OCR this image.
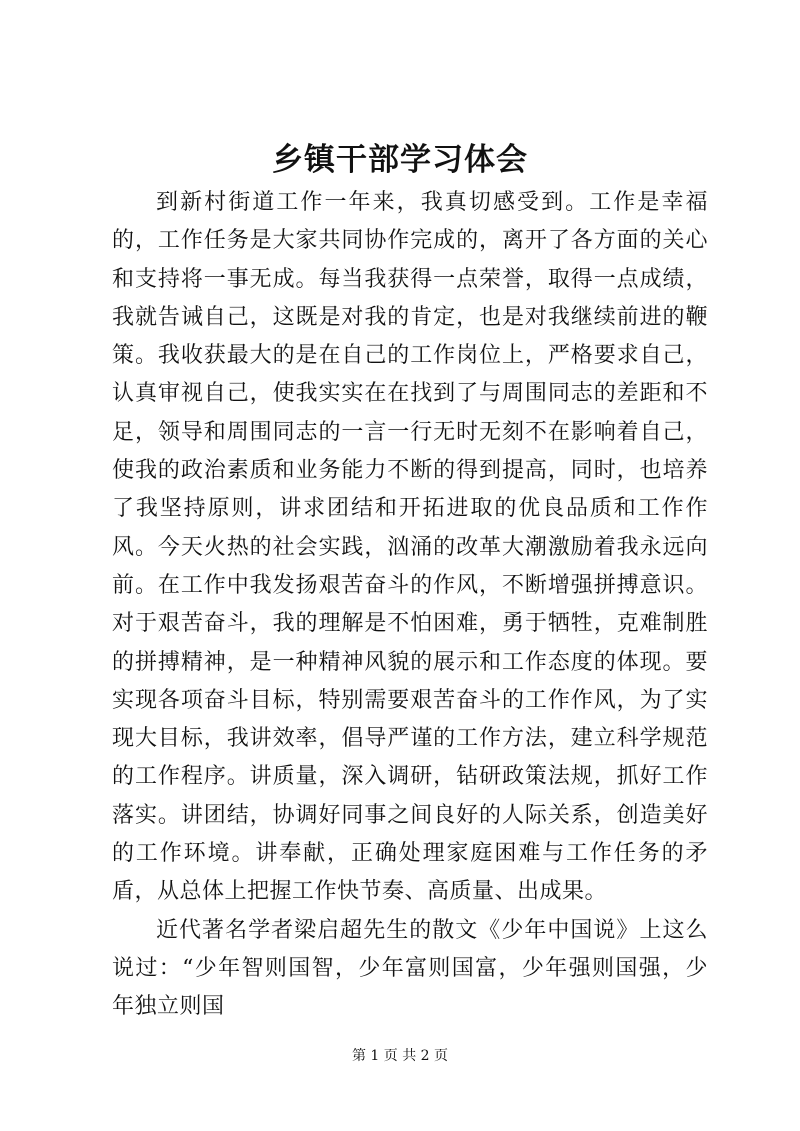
乡镇干部学习体会

到新村街道工作一年来，我真切感受到。工作是幸福的，工作任务是大家共同协作完成的，离开了各方面的关心和支持将一事无成。每当我获得一点荣誉，取得一点成绩，我就告诫自己，这既是对我的肯定，也是对我继续前进的鞭策。我收获最大的是在自己的工作岗位上，严格要求自己，认真审视自己，使我实实在在找到了与周围同志的差距和不足，领导和周围同志的一言一行无时无刻不在影响着自己，使我的政治素质和业务能力不断的得到提高，同时，也培养了我坚持原则，讲求团结和开拓进取的优良品质和工作作风。今天火热的社会实践，汹涌的改革大潮激励着我永远向前。在工作中我发扬艰苦奋斗的作风，不断增强拼搏意识。对于艰苦奋斗，我的理解是不怕困难，勇于牺牲，克难制胜的拼搏精神，是一种精神风貌的展示和工作态度的体现。要实现各项奋斗目标，特别需要艰苦奋斗的工作作风，为了实现大目标，我讲效率，倡导严谨的工作方法，建立科学规范的工作程序。讲质量，深入调研，钻研政策法规，抓好工作落实。讲团结，协调好同事之间良好的人际关系，创造美好的工作环境。讲奉献，正确处理家庭困难与工作任务的矛盾，从总体上把握工作快节奏、高质量、出成果。

近代著名学者梁启超先生的散文《少年中国说》上这么说过：“少年智则国智，少年富则国富，少年强则国强，少年独立则国

第 1 页 共 2 页
